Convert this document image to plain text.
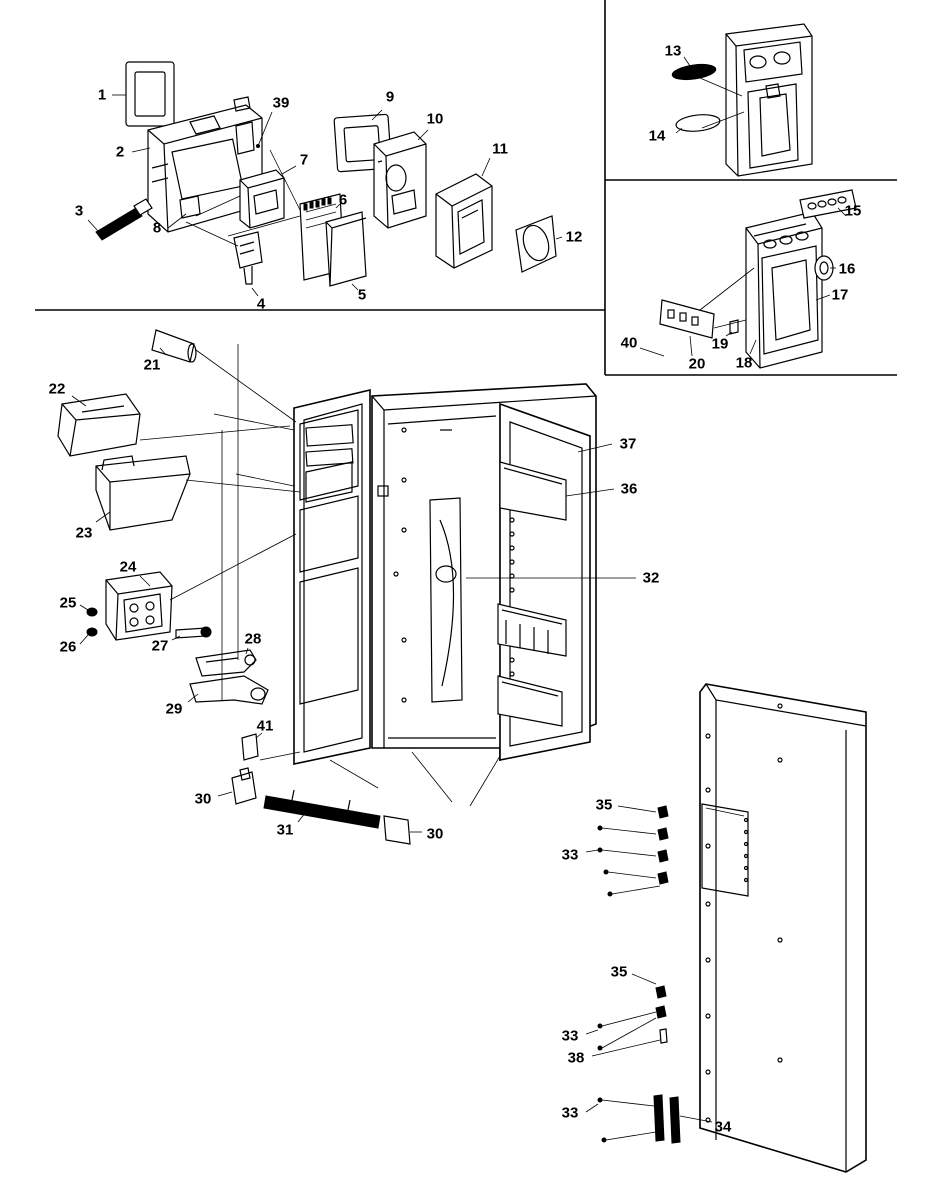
1
2
3
4
5
6
7
8
9
10
11
12
13
14
15
16
17
18
19
20
21
22
23
24
25
26	27	28
29
30
31	30
32
33
33
33
34
35
35
36
37
38
39
40
41
